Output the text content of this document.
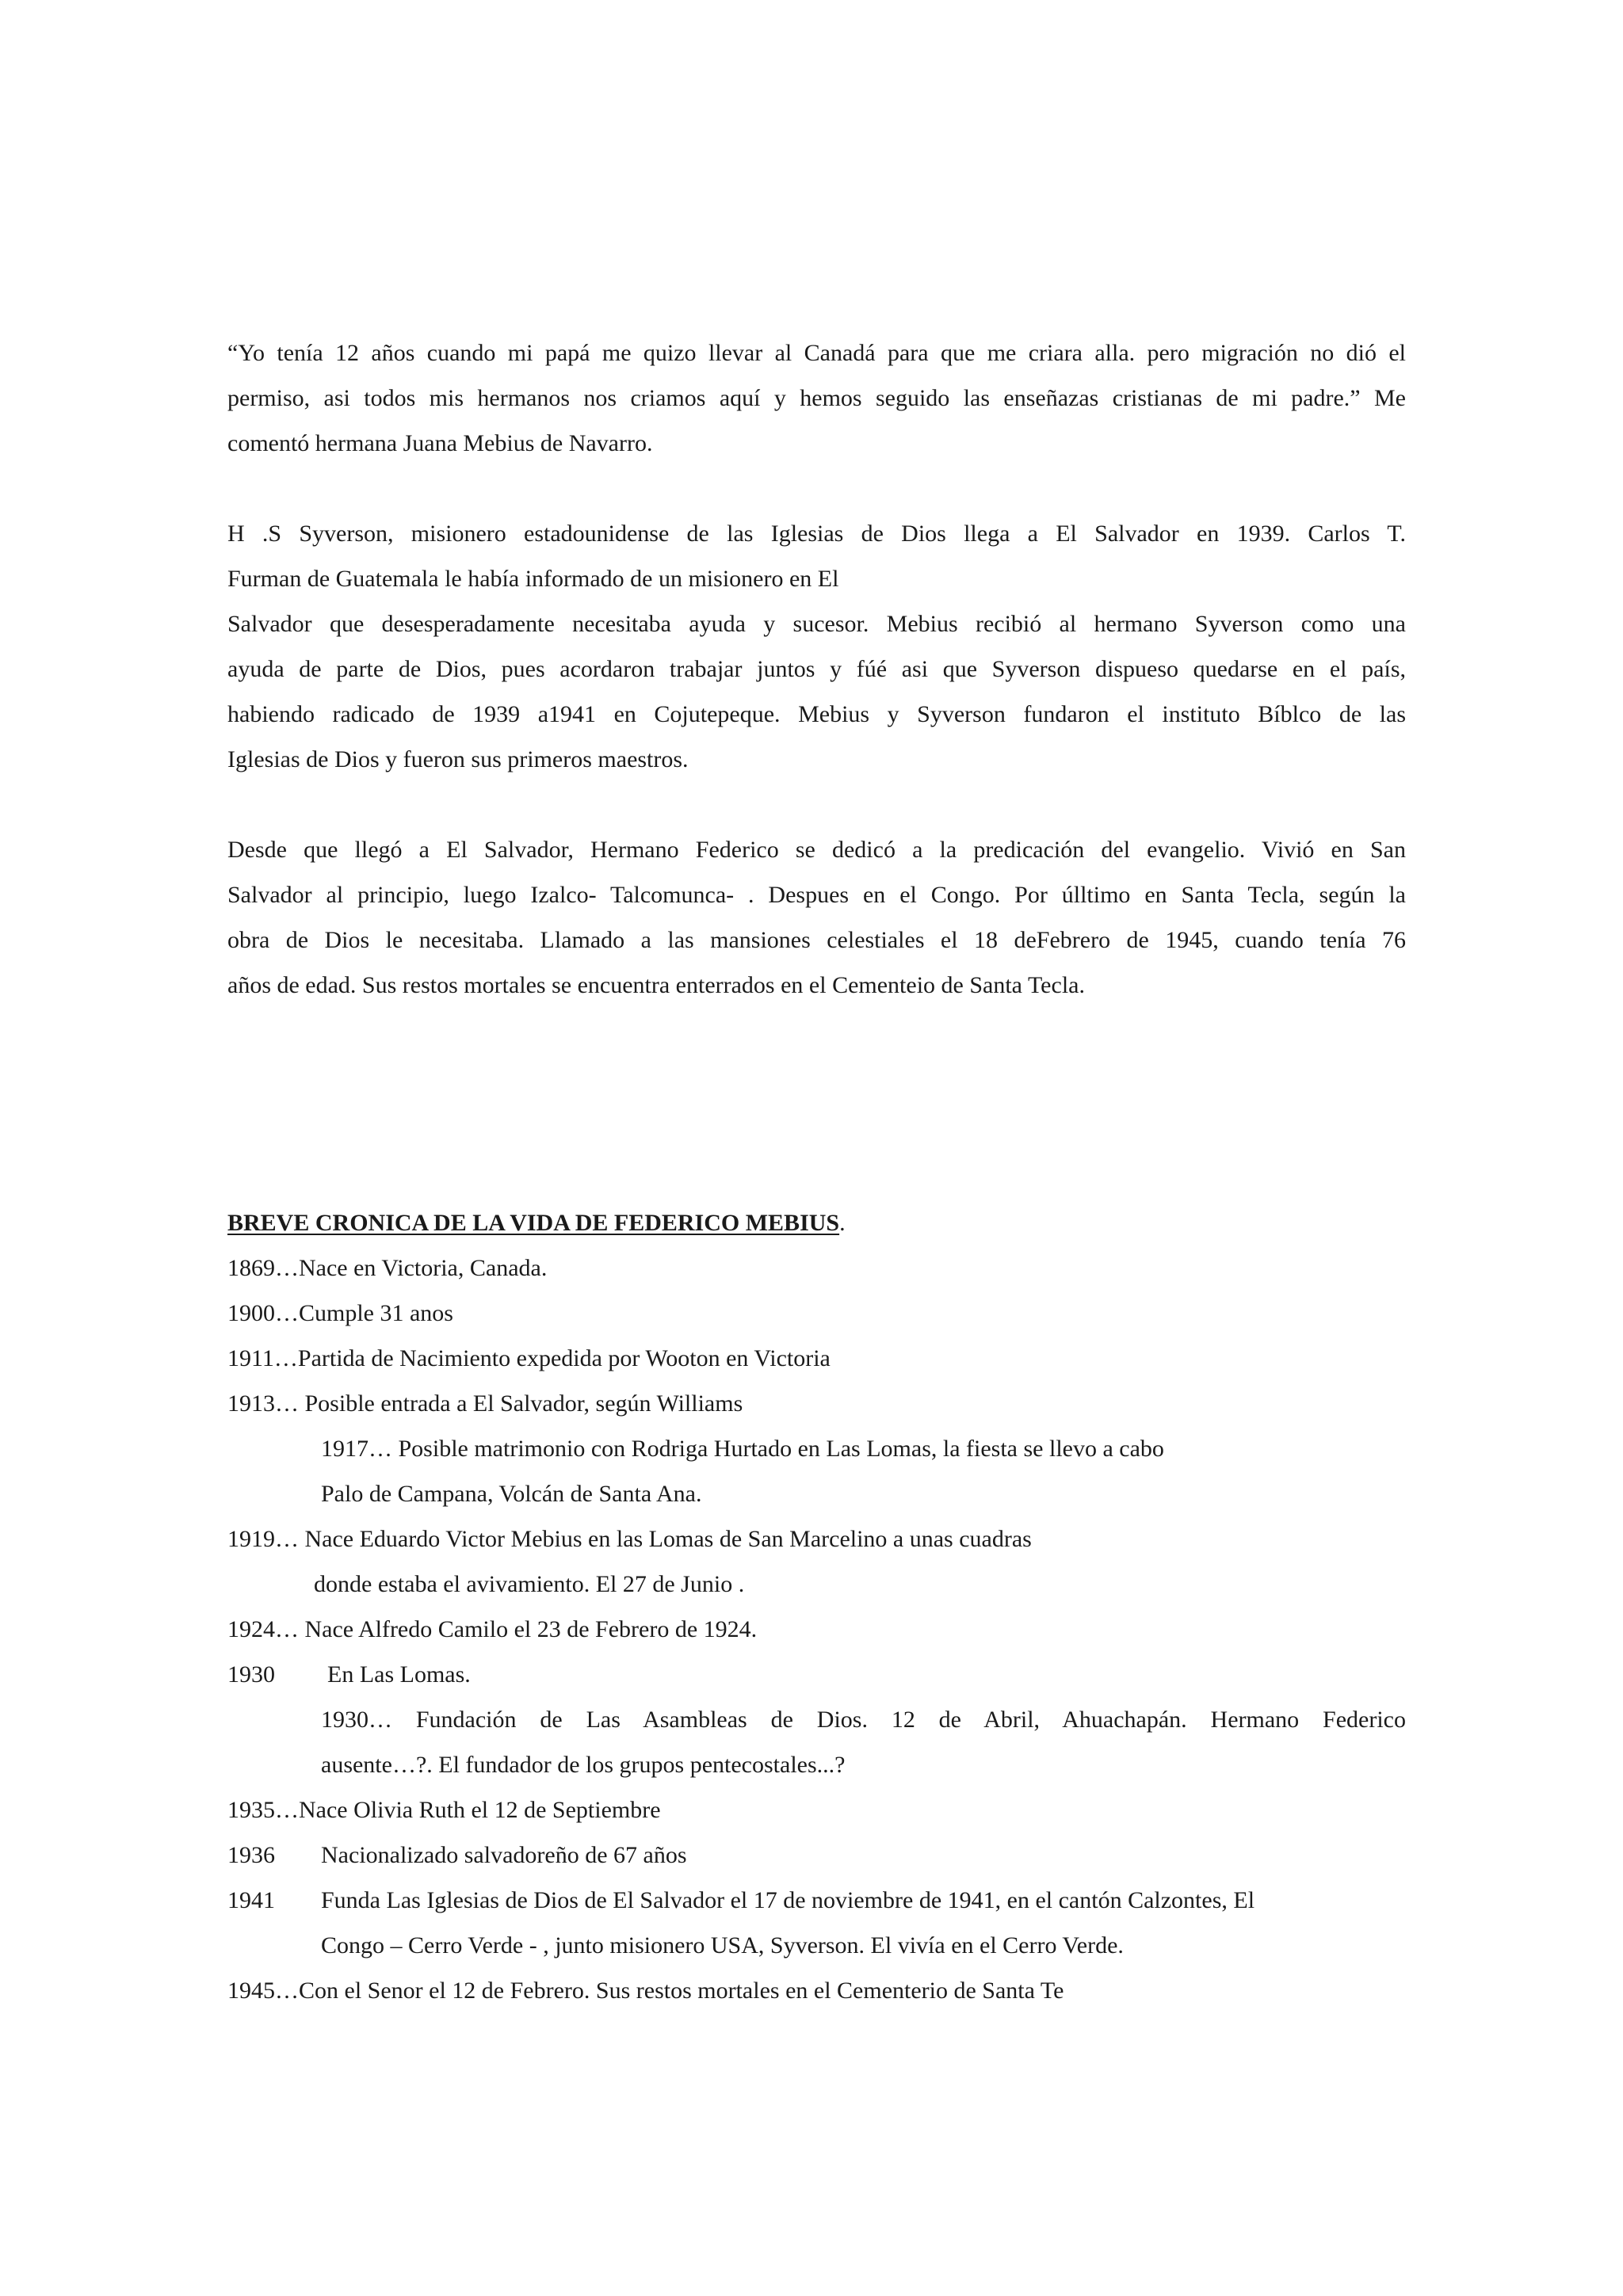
“Yo tenía 12 años cuando mi papá me quizo llevar al Canadá para que me criara alla. pero migración no dió el
permiso, asi todos mis hermanos nos criamos aquí y hemos seguido las enseñazas cristianas de mi padre.” Me
comentó hermana Juana Mebius de Navarro.
H .S Syverson, misionero estadounidense de las Iglesias de Dios llega a El Salvador en 1939. Carlos T.
Furman de Guatemala le había informado de un misionero en El
Salvador que desesperadamente necesitaba ayuda y sucesor. Mebius recibió al hermano Syverson como una
ayuda de parte de Dios, pues acordaron trabajar juntos y fúé asi que Syverson dispueso quedarse en el país,
habiendo radicado de 1939 a1941 en Cojutepeque. Mebius y Syverson fundaron el instituto Bíblco de las
Iglesias de Dios y fueron sus primeros maestros.
Desde que llegó a El Salvador, Hermano Federico se dedicó a la predicación del evangelio. Vivió en San
Salvador al principio, luego Izalco- Talcomunca- . Despues en el Congo. Por úlltimo en Santa Tecla, según la
obra de Dios le necesitaba. Llamado a las mansiones celestiales el 18 deFebrero de 1945, cuando tenía 76
años de edad. Sus restos mortales se encuentra enterrados en el Cementeio de Santa Tecla.
BREVE CRONICA DE LA VIDA DE FEDERICO MEBIUS.
1869…Nace en Victoria, Canada.
1900…Cumple 31 anos
1911…Partida de Nacimiento expedida por Wooton en Victoria
1913… Posible entrada a El Salvador, según Williams
1917… Posible matrimonio con Rodriga Hurtado en Las Lomas, la fiesta se llevo a cabo
Palo de Campana, Volcán de Santa Ana.
1919… Nace Eduardo Victor Mebius en las Lomas de San Marcelino a unas cuadras
donde estaba el avivamiento. El 27 de Junio .
1924… Nace Alfredo Camilo el 23 de Febrero de 1924.
1930 En Las Lomas.
1930… Fundación de Las Asambleas de Dios. 12 de Abril, Ahuachapán. Hermano Federico
ausente…?. El fundador de los grupos pentecostales...?
1935…Nace Olivia Ruth el 12 de Septiembre
1936 Nacionalizado salvadoreño de 67 años
1941 Funda Las Iglesias de Dios de El Salvador el 17 de noviembre de 1941, en el cantón Calzontes, El
Congo – Cerro Verde - , junto misionero USA, Syverson. El vivía en el Cerro Verde.
1945…Con el Senor el 12 de Febrero. Sus restos mortales en el Cementerio de Santa Te
